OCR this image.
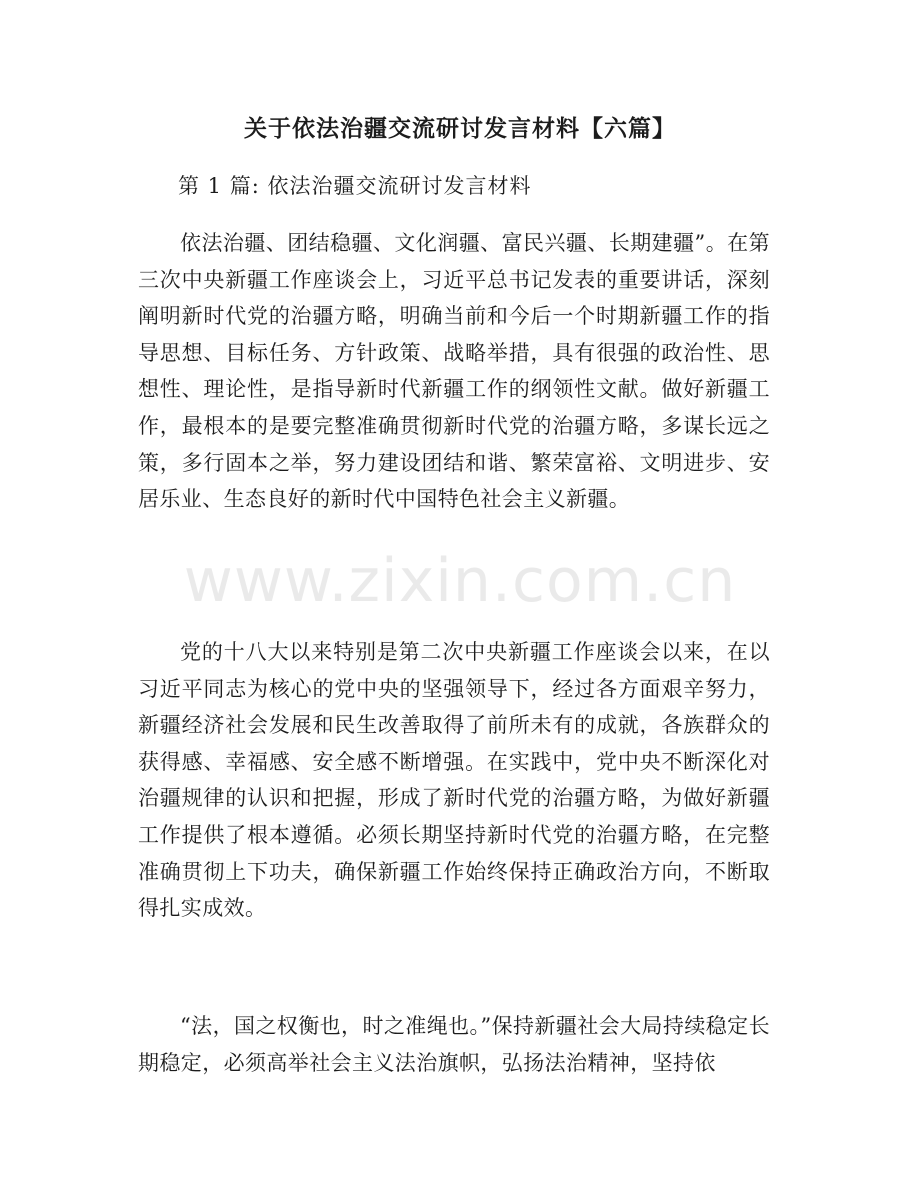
关于依法治疆交流研讨发言材料【六篇】

第 1 篇: 依法治疆交流研讨发言材料

依法治疆、团结稳疆、文化润疆、富民兴疆、长期建疆”。在第三次中央新疆工作座谈会上，习近平总书记发表的重要讲话，深刻阐明新时代党的治疆方略，明确当前和今后一个时期新疆工作的指导思想、目标任务、方针政策、战略举措，具有很强的政治性、思想性、理论性，是指导新时代新疆工作的纲领性文献。做好新疆工作，最根本的是要完整准确贯彻新时代党的治疆方略，多谋长远之策，多行固本之举，努力建设团结和谐、繁荣富裕、文明进步、安居乐业、生态良好的新时代中国特色社会主义新疆。

党的十八大以来特别是第二次中央新疆工作座谈会以来，在以习近平同志为核心的党中央的坚强领导下，经过各方面艰辛努力，新疆经济社会发展和民生改善取得了前所未有的成就，各族群众的获得感、幸福感、安全感不断增强。在实践中，党中央不断深化对治疆规律的认识和把握，形成了新时代党的治疆方略，为做好新疆工作提供了根本遵循。必须长期坚持新时代党的治疆方略，在完整准确贯彻上下功夫，确保新疆工作始终保持正确政治方向，不断取得扎实成效。

“法，国之权衡也，时之准绳也。”保持新疆社会大局持续稳定长期稳定，必须高举社会主义法治旗帜，弘扬法治精神，坚持依

www.zixin.com.cn
